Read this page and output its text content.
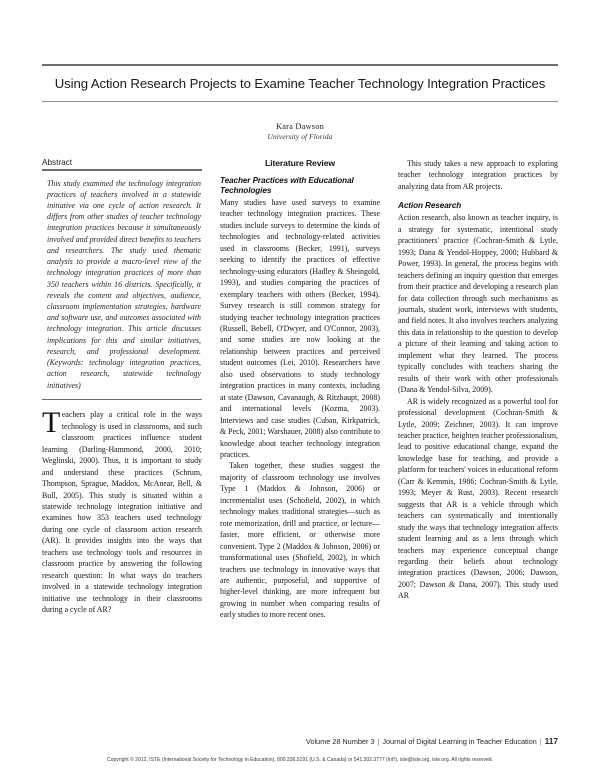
Using Action Research Projects to Examine Teacher Technology Integration Practices
Kara Dawson
University of Florida
Abstract
This study examined the technology integration practices of teachers involved in a statewide initiative via one cycle of action research. It differs from other studies of teacher technology integration practices because it simultaneously involved and provided direct benefits to teachers and researchers. The study used thematic analysis to provide a macro-level view of the technology integration practices of more than 350 teachers within 16 districts. Specifically, it reveals the content and objectives, audience, classroom implementation strategies, hardware and software use, and outcomes associated with technology integration. This article discusses implications for this and similar initiatives, research, and professional development. (Keywords: technology integration practices, action research, statewide technology initiatives)
Teachers play a critical role in the ways technology is used in classrooms, and such classroom practices influence student learning (Darling-Hammond, 2000, 2010; Weglinski, 2000). Thus, it is important to study and understand these practices (Schrum, Thompson, Sprague, Maddox, McAnear, Bell, & Bull, 2005). This study is situated within a statewide technology integration initiative and examines how 353 teachers used technology during one cycle of classroom action research (AR). It provides insights into the ways that teachers use technology tools and resources in classroom practice by answering the following research question: In what ways do teachers involved in a statewide technology integration initiative use technology in their classrooms during a cycle of AR?
Literature Review
Teacher Practices with Educational Technologies
Many studies have used surveys to examine teacher technology integration practices. These studies include surveys to determine the kinds of technologies and technology-related activities used in classrooms (Becker, 1991), surveys seeking to identify the practices of effective technology-using educators (Hadley & Sheingold, 1993), and studies comparing the practices of exemplary teachers with others (Becker, 1994). Survey research is still common strategy for studying teacher technology integration practices (Russell, Bebell, O'Dwyer, and O'Connor, 2003), and some studies are now looking at the relationship between practices and perceived student outcomes (Lei, 2010). Researchers have also used observations to study technology integration practices in many contexts, including at state (Dawson, Cavanaugh, & Ritzhaupt, 2008) and international levels (Kozma, 2003). Interviews and case studies (Cuban, Kirkpatrick, & Peck, 2001; Warshauer, 2008) also contribute to knowledge about teacher technology integration practices.
Taken together, these studies suggest the majority of classroom technology use involves Type 1 (Maddox & Johnson, 2006) or incrementalist uses (Schofield, 2002), in which technology makes traditional strategies—such as rote memorization, drill and practice, or lecture—faster, more efficient, or otherwise more convenient. Type 2 (Maddox & Johnson, 2006) or transformational uses (Shofield, 2002), in which teachers use technology in innovative ways that are authentic, purposeful, and supportive of higher-level thinking, are more infrequent but growing in number when comparing results of early studies to more recent ones.
This study takes a new approach to exploring teacher technology integration practices by analyzing data from AR projects.
Action Research
Action research, also known as teacher inquiry, is a strategy for systematic, intentional study practitioners' practice (Cochran-Smith & Lytle, 1993; Dana & Yendol-Hoppey, 2000; Hubbard & Power, 1993). In general, the process begins with teachers defining an inquiry question that emerges from their practice and developing a research plan for data collection through such mechanisms as journals, student work, interviews with students, and field notes. It also involves teachers analyzing this data in relationship to the question to develop a picture of their learning and taking action to implement what they learned. The process typically concludes with teachers sharing the results of their work with other professionals (Dana & Yendol-Silva, 2009).
AR is widely recognized as a powerful tool for professional development (Cochran-Smith & Lytle, 2009; Zeichner, 2003). It can improve teacher practice, heighten teacher professionalism, lead to positive educational change, expand the knowledge base for teaching, and provide a platform for teachers' voices in educational reform (Carr & Kemmis, 1986; Cochran-Smith & Lytle, 1993; Meyer & Rust, 2003). Recent research suggests that AR is a vehicle through which teachers can systematically and intentionally study the ways that technology integration affects student learning and as a lens through which teachers may experience conceptual change regarding their beliefs about technology integration practices (Dawson, 2006; Dawson, 2007; Dawson & Dana, 2007). This study used AR
Volume 28 Number 3 | Journal of Digital Learning in Teacher Education | 117
Copyright © 2012, ISTE (International Society for Technology in Education), 800.336.5191 (U.S. & Canada) or 541.302.3777 (Int'l), iste@iste.org, iste.org. All rights reserved.
